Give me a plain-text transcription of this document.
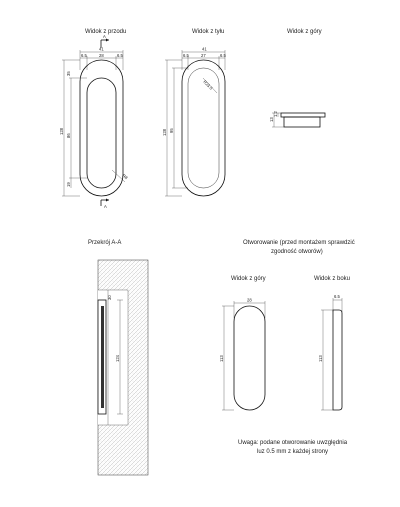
Widok z przodu
A
41
6.5	28	6.5
128
35
86
19
R8
A
Widok z tyłu
41
6.5	27	6.5
128 95
R23.5
Widok z góry
13
1.2
Przekrój A-A
30
124
Otworowanie (przed montażem sprawdzić
zgodność otworów)
Widok z góry
28
113
Widok z boku
6.5
113
Uwaga: podane otworowanie uwzględnia
luz 0.5 mm z każdej strony
